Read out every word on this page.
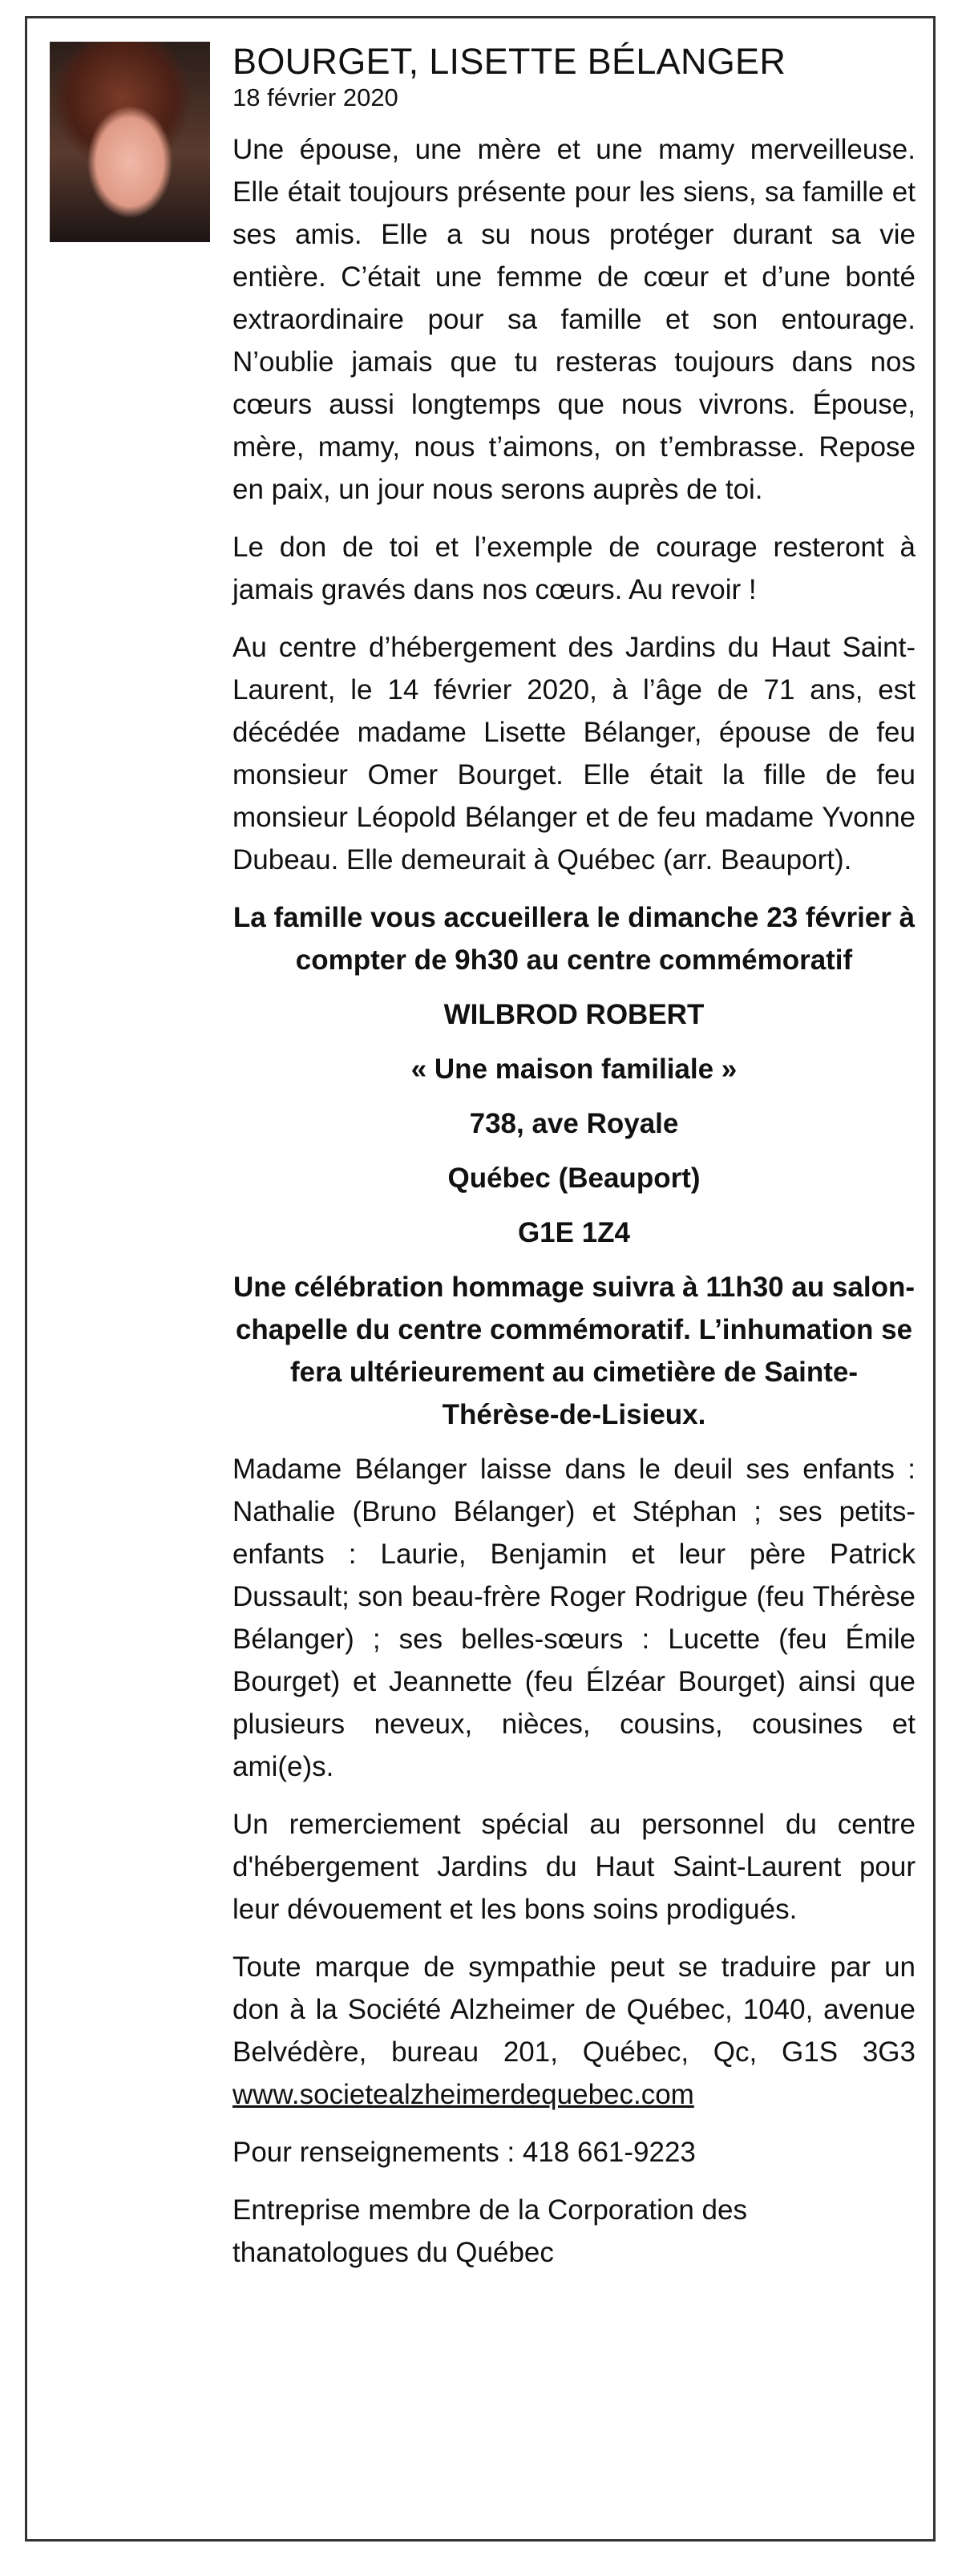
BOURGET, LISETTE BÉLANGER
18 février 2020

Une épouse, une mère et une mamy merveilleuse. Elle était toujours présente pour les siens, sa famille et ses amis. Elle a su nous protéger durant sa vie entière. C’était une femme de cœur et d’une bonté extraordinaire pour sa famille et son entourage. N’oublie jamais que tu resteras toujours dans nos cœurs aussi longtemps que nous vivrons. Épouse, mère, mamy, nous t’aimons, on t’embrasse. Repose en paix, un jour nous serons auprès de toi.

Le don de toi et l’exemple de courage resteront à jamais gravés dans nos cœurs. Au revoir !

Au centre d’hébergement des Jardins du Haut Saint-Laurent, le 14 février 2020, à l’âge de 71 ans, est décédée madame Lisette Bélanger, épouse de feu monsieur Omer Bourget. Elle était la fille de feu monsieur Léopold Bélanger et de feu madame Yvonne Dubeau. Elle demeurait à Québec (arr. Beauport).

La famille vous accueillera le dimanche 23 février à compter de 9h30 au centre commémoratif

WILBROD ROBERT

« Une maison familiale »

738, ave Royale

Québec (Beauport)

G1E 1Z4

Une célébration hommage suivra à 11h30 au salon-chapelle du centre commémoratif. L’inhumation se fera ultérieurement au cimetière de Sainte-Thérèse-de-Lisieux.

Madame Bélanger laisse dans le deuil ses enfants : Nathalie (Bruno Bélanger) et Stéphan ; ses petits-enfants : Laurie, Benjamin et leur père Patrick Dussault; son beau-frère Roger Rodrigue (feu Thérèse Bélanger) ; ses belles-sœurs : Lucette (feu Émile Bourget) et Jeannette (feu Élzéar Bourget) ainsi que plusieurs neveux, nièces, cousins, cousines et ami(e)s.

Un remerciement spécial au personnel du centre d'hébergement Jardins du Haut Saint-Laurent pour leur dévouement et les bons soins prodigués.

Toute marque de sympathie peut se traduire par un don à la Société Alzheimer de Québec, 1040, avenue Belvédère, bureau 201, Québec, Qc, G1S 3G3 www.societealzheimerdequebec.com

Pour renseignements : 418 661-9223

Entreprise membre de la Corporation des thanatologues du Québec
